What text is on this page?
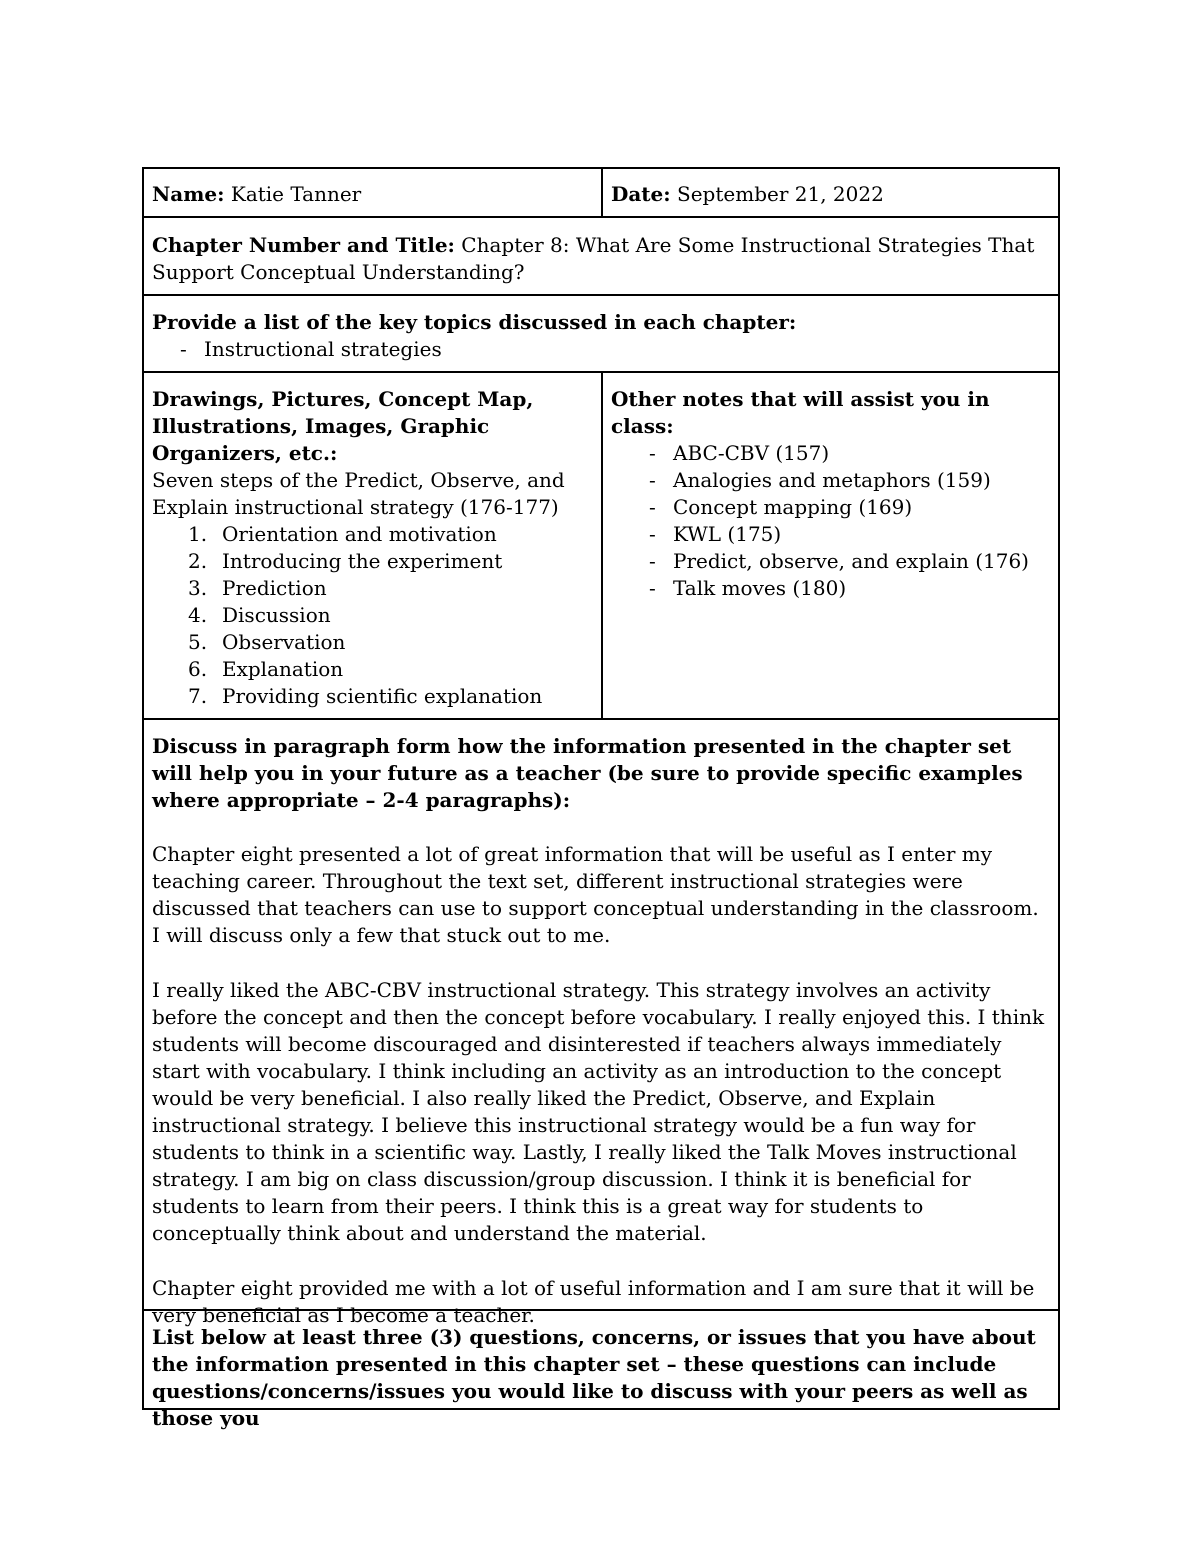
Name: Katie Tanner	Date: September 21, 2022
Chapter Number and Title: Chapter 8: What Are Some Instructional Strategies That Support Conceptual Understanding?
Provide a list of the key topics discussed in each chapter:
- Instructional strategies
Drawings, Pictures, Concept Map, Illustrations, Images, Graphic Organizers, etc.:
Seven steps of the Predict, Observe, and Explain instructional strategy (176-177)
1. Orientation and motivation
2. Introducing the experiment
3. Prediction
4. Discussion
5. Observation
6. Explanation
7. Providing scientific explanation
Other notes that will assist you in class:
- ABC-CBV (157)
- Analogies and metaphors (159)
- Concept mapping (169)
- KWL (175)
- Predict, observe, and explain (176)
- Talk moves (180)
Discuss in paragraph form how the information presented in the chapter set will help you in your future as a teacher (be sure to provide specific examples where appropriate – 2-4 paragraphs):

Chapter eight presented a lot of great information that will be useful as I enter my teaching career. Throughout the text set, different instructional strategies were discussed that teachers can use to support conceptual understanding in the classroom. I will discuss only a few that stuck out to me.

I really liked the ABC-CBV instructional strategy. This strategy involves an activity before the concept and then the concept before vocabulary. I really enjoyed this. I think students will become discouraged and disinterested if teachers always immediately start with vocabulary. I think including an activity as an introduction to the concept would be very beneficial. I also really liked the Predict, Observe, and Explain instructional strategy. I believe this instructional strategy would be a fun way for students to think in a scientific way. Lastly, I really liked the Talk Moves instructional strategy. I am big on class discussion/group discussion. I think it is beneficial for students to learn from their peers. I think this is a great way for students to conceptually think about and understand the material.

Chapter eight provided me with a lot of useful information and I am sure that it will be very beneficial as I become a teacher.

List below at least three (3) questions, concerns, or issues that you have about the information presented in this chapter set – these questions can include questions/concerns/issues you would like to discuss with your peers as well as those you
